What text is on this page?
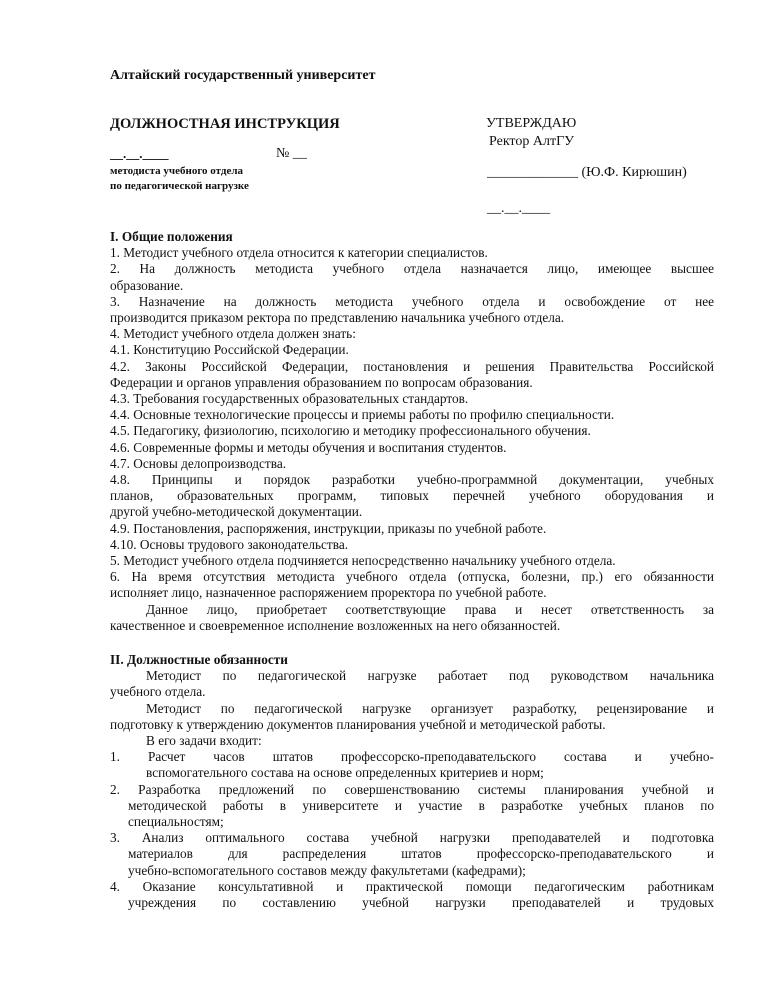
Алтайский государственный университет
ДОЛЖНОСТНАЯ ИНСТРУКЦИЯ	УТВЕРЖДАЮ
Ректор АлтГУ
__.__.____	№ __
методиста учебного отдела
по педагогической нагрузке
_____________ (Ю.Ф. Кирюшин)
__.__.____

I. Общие положения

1. Методист учебного отдела относится к категории специалистов.

2. На должность методиста учебного отдела назначается лицо, имеющее высшее

образование.

3. Назначение на должность методиста учебного отдела и освобождение от нее

производится приказом ректора по представлению начальника учебного отдела.

4. Методист учебного отдела должен знать:

4.1. Конституцию Российской Федерации.

4.2. Законы Российской Федерации, постановления и решения Правительства Российской

Федерации и органов управления образованием по вопросам образования.

4.3. Требования государственных образовательных стандартов.

4.4. Основные технологические процессы и приемы работы по профилю специальности.

4.5. Педагогику, физиологию, психологию и методику профессионального обучения.

4.6. Современные формы и методы обучения и воспитания студентов.

4.7. Основы делопроизводства.

4.8. Принципы и порядок разработки учебно-программной документации, учебных

планов, образовательных программ, типовых перечней учебного оборудования и

другой учебно-методической документации.

4.9. Постановления, распоряжения, инструкции, приказы по учебной работе.

4.10. Основы трудового законодательства.

5. Методист учебного отдела подчиняется непосредственно начальнику учебного отдела.

6. На время отсутствия методиста учебного отдела (отпуска, болезни, пр.) его обязанности

исполняет лицо, назначенное распоряжением проректора по учебной работе.

Данное лицо, приобретает соответствующие права и несет ответственность за

качественное и своевременное исполнение возложенных на него обязанностей.

II. Должностные обязанности

Методист по педагогической нагрузке работает под руководством начальника

учебного отдела.

Методист по педагогической нагрузке организует разработку, рецензирование и

подготовку к утверждению документов планирования учебной и методической работы.

В его задачи входит:

1. Расчет часов штатов профессорско-преподавательского состава и учебно-

вспомогательного состава на основе определенных критериев и норм;

2. Разработка предложений по совершенствованию системы планирования учебной и

методической работы в университете и участие в разработке учебных планов по

специальностям;

3. Анализ оптимального состава учебной нагрузки преподавателей и подготовка

материалов для распределения штатов профессорско-преподавательского и

учебно-вспомогательного составов между факультетами (кафедрами);

4. Оказание консультативной и практической помощи педагогическим работникам

учреждения по составлению учебной нагрузки преподавателей и трудовых
